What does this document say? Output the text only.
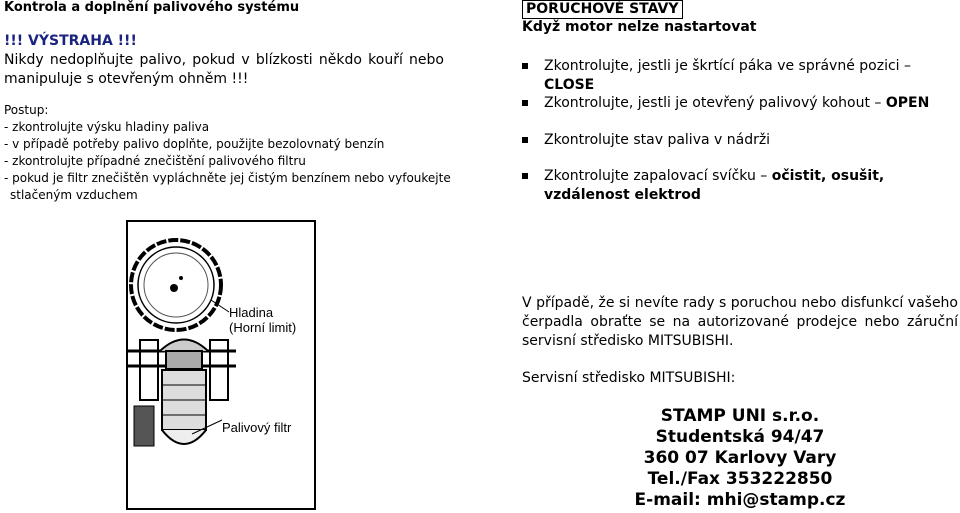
Kontrola a doplnění palivového systému
!!! VÝSTRAHA !!!
Nikdy nedoplňujte palivo, pokud v blízkosti někdo kouří nebo manipuluje s otevřeným ohněm !!!
Postup:
- zkontrolujte výsku hladiny paliva
- v případě potřeby palivo doplňte, použijte bezolovnatý benzín
- zkontrolujte případné znečištění palivového filtru
- pokud je filtr znečištěn vypláchněte jej čistým benzínem nebo vyfoukejte
stlačeným vzduchem
Hladina
(Horní limit)
Palivový filtr
PORUCHOVÉ STAVY
Když motor nelze nastartovat
Zkontrolujte, jestli je škrtící páka ve správné pozici – CLOSE
Zkontrolujte, jestli je otevřený palivový kohout – OPEN
Zkontrolujte stav paliva v nádrži
Zkontrolujte zapalovací svíčku – očistit, osušit, vzdálenost elektrod
V případě, že si nevíte rady s poruchou nebo disfunkcí vašeho čerpadla obraťte se na autorizované prodejce nebo záruční servisní středisko MITSUBISHI.
Servisní středisko MITSUBISHI:
STAMP UNI s.r.o.
Studentská 94/47
360 07 Karlovy Vary
Tel./Fax 353222850
E-mail: mhi@stamp.cz
